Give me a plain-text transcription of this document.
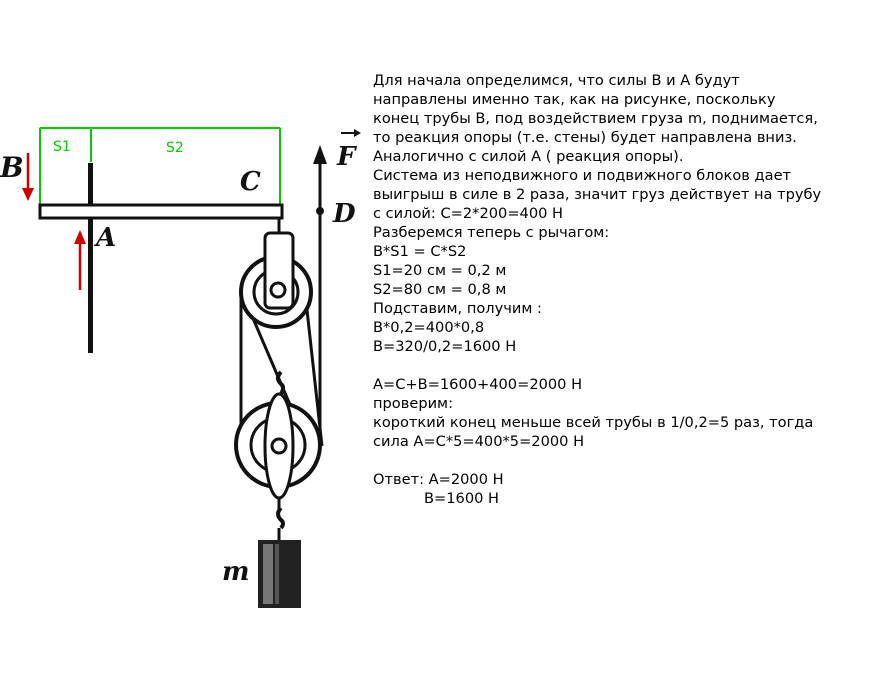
S1	S2
B
A
C
D
F
m
Для начала определимся, что силы В и А будут
направлены именно так, как на рисунке, поскольку
конец трубы В, под воздействием груза m, поднимается,
то реакция опоры (т.е. стены) будет направлена вниз.
Аналогично с силой А ( реакция опоры).
Система из неподвижного и подвижного блоков дает
выигрыш в силе в 2 раза, значит груз действует на трубу
с силой: С=2*200=400 Н
Разберемся теперь с рычагом:
В*S1 = C*S2
S1=20 см = 0,2 м
S2=80 см = 0,8 м
Подставим, получим :
В*0,2=400*0,8
В=320/0,2=1600 Н
А=С+В=1600+400=2000 Н
проверим:
короткий конец меньше всей трубы в 1/0,2=5 раз, тогда
сила А=С*5=400*5=2000 Н
Ответ: А=2000 Н
В=1600 Н
